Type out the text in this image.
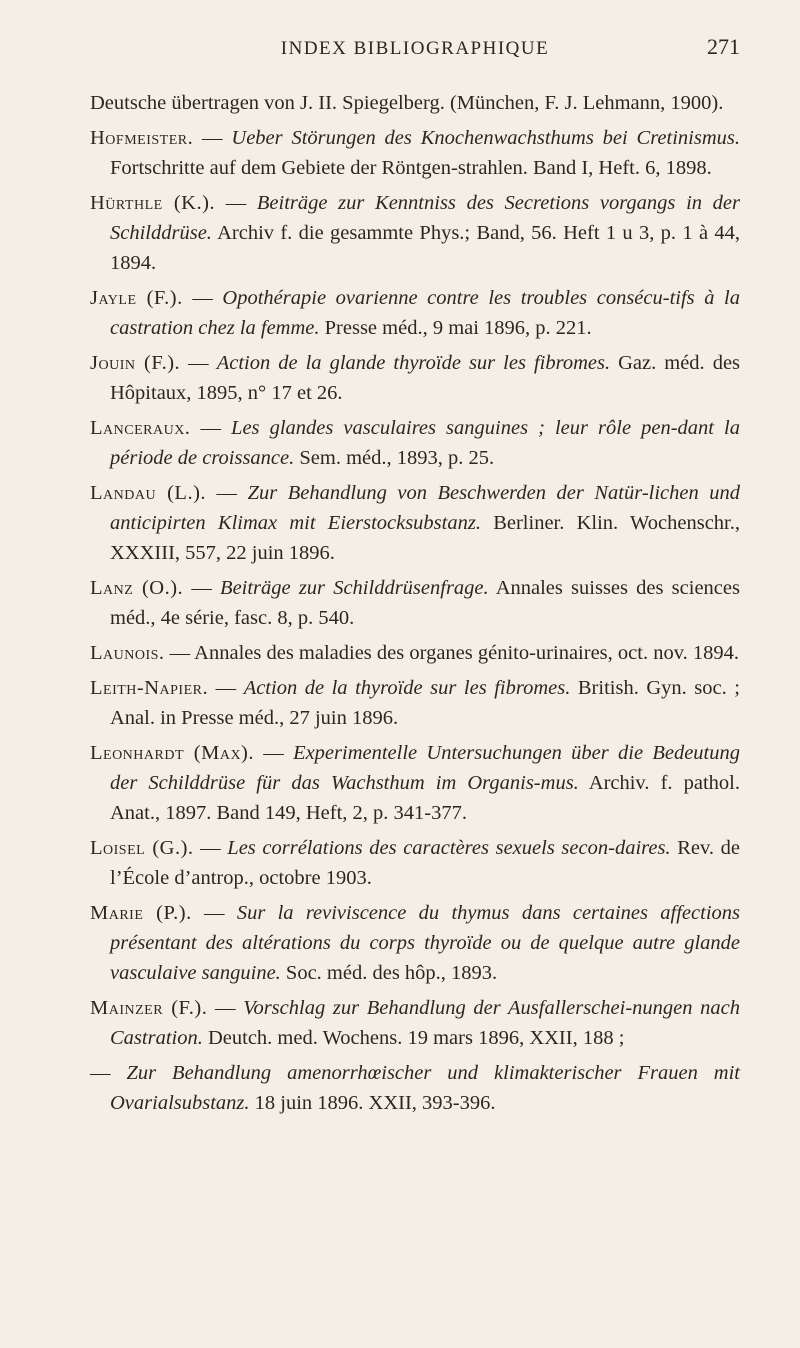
INDEX BIBLIOGRAPHIQUE	271

Deutsche übertragen von J. II. Spiegelberg. (München, F. J. Lehmann, 1900).

Hofmeister. — Ueber Störungen des Knochenwachsthums bei Cretinismus. Fortschritte auf dem Gebiete der Röntgen-strahlen. Band I, Heft. 6, 1898.

Hürthle (K.). — Beiträge zur Kenntniss des Secretions vorgangs in der Schilddrüse. Archiv f. die gesammte Phys.; Band, 56. Heft 1 u 3, p. 1 à 44, 1894.

Jayle (F.). — Opothérapie ovarienne contre les troubles consécu-tifs à la castration chez la femme. Presse méd., 9 mai 1896, p. 221.

Jouin (F.). — Action de la glande thyroïde sur les fibromes. Gaz. méd. des Hôpitaux, 1895, n° 17 et 26.

Lanceraux. — Les glandes vasculaires sanguines ; leur rôle pen-dant la période de croissance. Sem. méd., 1893, p. 25.

Landau (L.). — Zur Behandlung von Beschwerden der Natür-lichen und anticipirten Klimax mit Eierstocksubstanz. Berliner. Klin. Wochenschr., XXXIII, 557, 22 juin 1896.

Lanz (O.). — Beiträge zur Schilddrüsenfrage. Annales suisses des sciences méd., 4e série, fasc. 8, p. 540.

Launois. — Annales des maladies des organes génito-urinaires, oct. nov. 1894.

Leith-Napier. — Action de la thyroïde sur les fibromes. British. Gyn. soc. ; Anal. in Presse méd., 27 juin 1896.

Leonhardt (Max). — Experimentelle Untersuchungen über die Bedeutung der Schilddrüse für das Wachsthum im Organis-mus. Archiv. f. pathol. Anat., 1897. Band 149, Heft, 2, p. 341-377.

Loisel (G.). — Les corrélations des caractères sexuels secon-daires. Rev. de l’École d’antrop., octobre 1903.

Marie (P.). — Sur la reviviscence du thymus dans certaines affections présentant des altérations du corps thyroïde ou de quelque autre glande vasculaive sanguine. Soc. méd. des hôp., 1893.

Mainzer (F.). — Vorschlag zur Behandlung der Ausfallerschei-nungen nach Castration. Deutch. med. Wochens. 19 mars 1896, XXII, 188 ;

— Zur Behandlung amenorrhœischer und klimakterischer Frauen mit Ovarialsubstanz. 18 juin 1896. XXII, 393-396.
